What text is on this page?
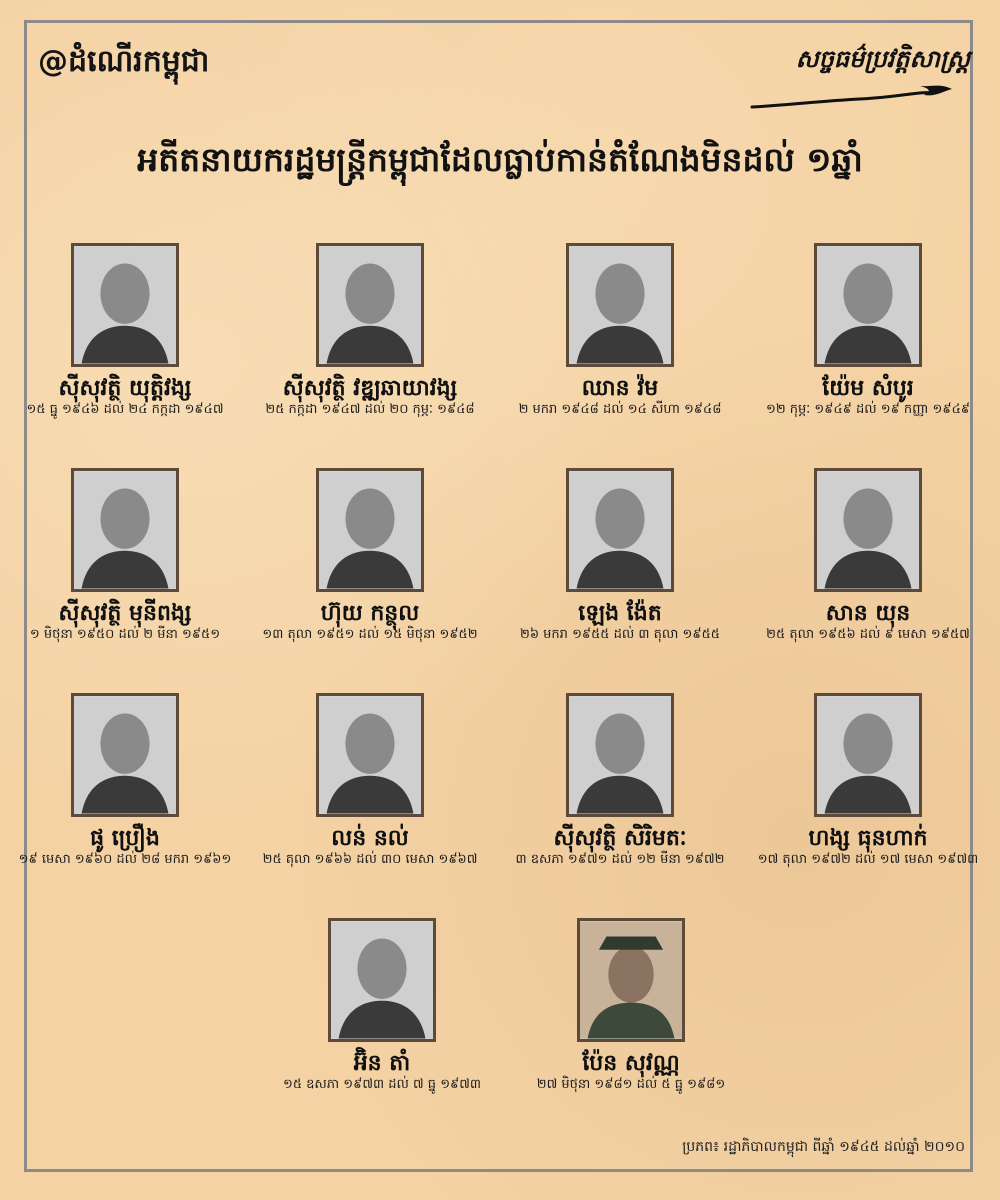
@ដំណើរកម្ពុជា	សច្ចធម៌ប្រវត្តិសាស្ត្រ
អតីតនាយករដ្ឋមន្ត្រីកម្ពុជាដែលធ្លាប់កាន់តំណែងមិនដល់ ១ឆ្នាំ
ស៊ីសុវត្ថិ យុត្តិវង្ស
១៥ ធ្នូ ១៩៤៦ ដល់ ២៤ កក្កដា ១៩៤៧
ស៊ីសុវត្ថិ វឌ្ឍឆាយាវង្ស
២៥ កក្កដា ១៩៤៧ ដល់ ២០ កុម្ភៈ ១៩៤៨
ឈាន វ៉ម
២ មករា ១៩៤៨ ដល់ ១៤ សីហា ១៩៤៨
យ៉ែម សំបូរ
១២ កុម្ភៈ ១៩៤៩ ដល់ ១៩ កញ្ញា ១៩៤៩
ស៊ីសុវត្ថិ មុនីពង្ស
១ មិថុនា ១៩៥០ ដល់ ២ មីនា ១៩៥១
ហ៊ុយ កន្ថុល
១៣ តុលា ១៩៥១ ដល់ ១៥ មិថុនា ១៩៥២
ឡេង ង៉ែត
២៦ មករា ១៩៥៥ ដល់ ៣ តុលា ១៩៥៥
សាន យុន
២៥ តុលា ១៩៥៦ ដល់ ៩ មេសា ១៩៥៧
ផូ ប្រឿង
១៩ មេសា ១៩៦០ ដល់ ២៨ មករា ១៩៦១
លន់ នល់
២៥ តុលា ១៩៦៦ ដល់ ៣០ មេសា ១៩៦៧
ស៊ីសុវត្ថិ សិរិមតៈ
៣ ឧសភា ១៩៧១ ដល់ ១២ មីនា ១៩៧២
ហង្ស ធុនហាក់
១៧ តុលា ១៩៧២ ដល់ ១៧ មេសា ១៩៧៣
អ៊ិន តាំ
១៥ ឧសភា ១៩៧៣ ដល់ ៧ ធ្នូ ១៩៧៣
ប៉ែន សុវណ្ណ
២៧ មិថុនា ១៩៨១ ដល់ ៥ ធ្នូ ១៩៨១
ប្រភព៖ រដ្ឋាភិបាលកម្ពុជា ពីឆ្នាំ ១៩៤៥ ដល់ឆ្នាំ ២០១០
